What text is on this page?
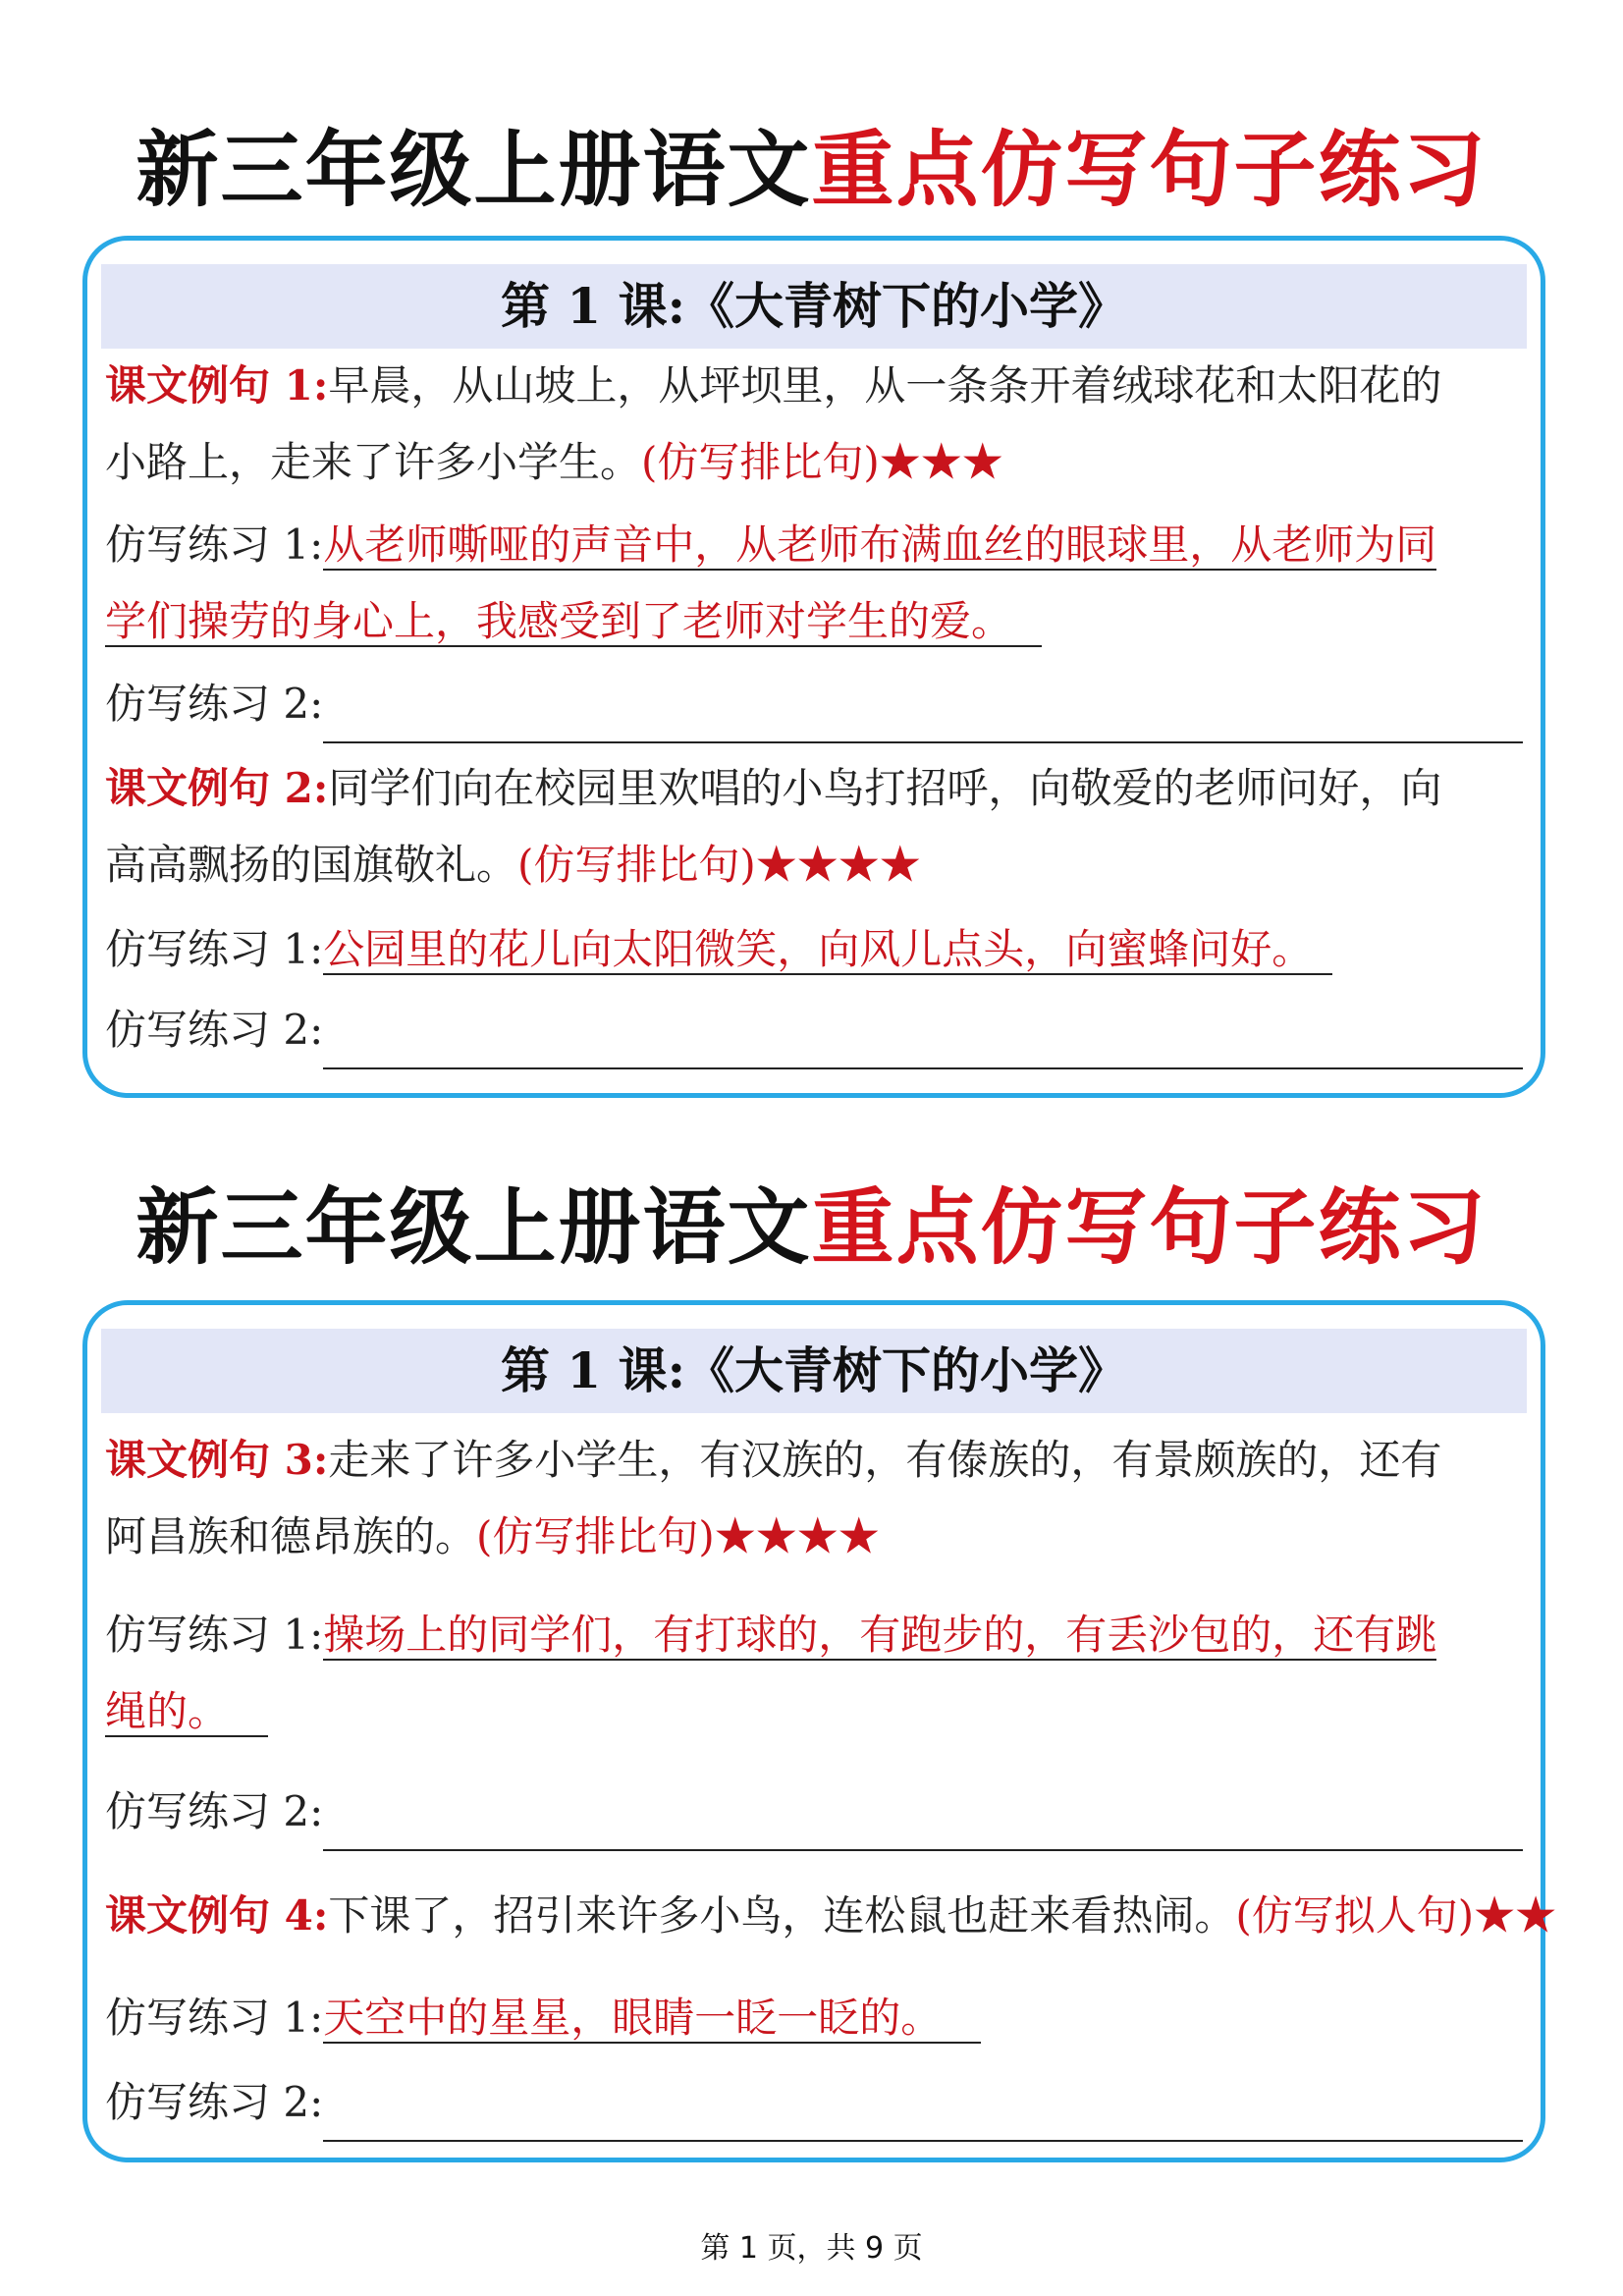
新三年级上册语文重点仿写句子练习
第 1 课:《大青树下的小学》
课文例句 1:早晨，从山坡上，从坪坝里，从一条条开着绒球花和太阳花的
小路上，走来了许多小学生。(仿写排比句)★★★
仿写练习 1:从老师嘶哑的声音中，从老师布满血丝的眼球里，从老师为同
学们操劳的身心上，我感受到了老师对学生的爱。
仿写练习 2:
课文例句 2:同学们向在校园里欢唱的小鸟打招呼，向敬爱的老师问好，向
高高飘扬的国旗敬礼。(仿写排比句)★★★★
仿写练习 1:公园里的花儿向太阳微笑，向风儿点头，向蜜蜂问好。
仿写练习 2:
新三年级上册语文重点仿写句子练习
第 1 课:《大青树下的小学》
课文例句 3:走来了许多小学生，有汉族的，有傣族的，有景颇族的，还有
阿昌族和德昂族的。(仿写排比句)★★★★
仿写练习 1:操场上的同学们，有打球的，有跑步的，有丢沙包的，还有跳
绳的。
仿写练习 2:
课文例句 4:下课了，招引来许多小鸟，连松鼠也赶来看热闹。(仿写拟人句)★★
仿写练习 1:天空中的星星，眼睛一眨一眨的。
仿写练习 2:
第 1 页，共 9 页
